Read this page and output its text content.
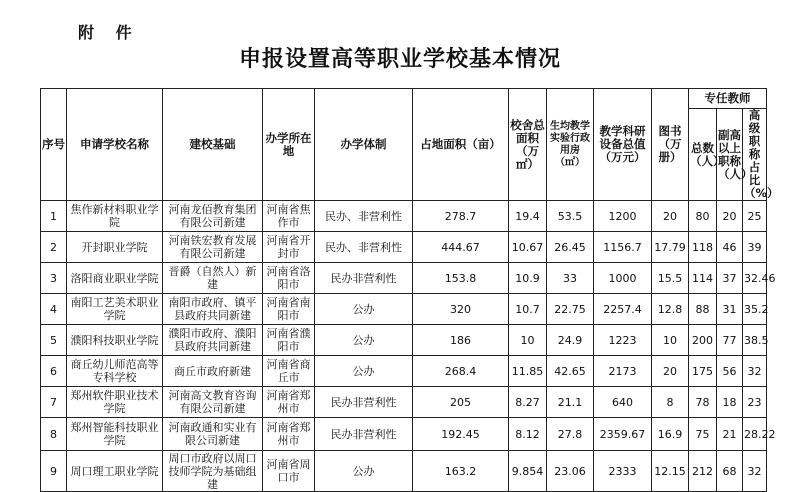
附 件
申报设置高等职业学校基本情况
序号	申请学校名称	建校基础	办学所在地	办学体制	占地面积（亩）	校舍总面积（万㎡）	生均教学实验行政用房（㎡）	教学科研设备总值（万元）	图书（万册）	专任教师		
										总数（人）	副高以上职称（人）	高级职称占比（%）
1	焦作新材料职业学院	河南龙佰教育集团有限公司新建	河南省焦作市	民办、非营利性	278.7	19.4	53.5	1200	20	80	20	25
2	开封职业学院	河南铁宏教育发展有限公司新建	河南省开封市	民办、非营利性	444.67	10.67	26.45	1156.7	17.79	118	46	39
3	洛阳商业职业学院	晋爵（自然人）新建	河南省洛阳市	民办非营利性	153.8	10.9	33	1000	15.5	114	37	32.46
4	南阳工艺美术职业学院	南阳市政府、镇平县政府共同新建	河南省南阳市	公办	320	10.7	22.75	2257.4	12.8	88	31	35.2
5	濮阳科技职业学院	濮阳市政府、濮阳县政府共同新建	河南省濮阳市	公办	186	10	24.9	1223	10	200	77	38.5
6	商丘幼儿师范高等专科学校	商丘市政府新建	河南省商丘市	公办	268.4	11.85	42.65	2173	20	175	56	32
7	郑州软件职业技术学院	河南高文教育咨询有限公司新建	河南省郑州市	民办非营利性	205	8.27	21.1	640	8	78	18	23
8	郑州智能科技职业学院	河南政通和实业有限公司新建	河南省郑州市	民办非营利性	192.45	8.12	27.8	2359.67	16.9	75	21	28.22
9	周口理工职业学院	周口市政府以周口技师学院为基础组建	河南省周口市	公办	163.2	9.854	23.06	2333	12.15	212	68	32
